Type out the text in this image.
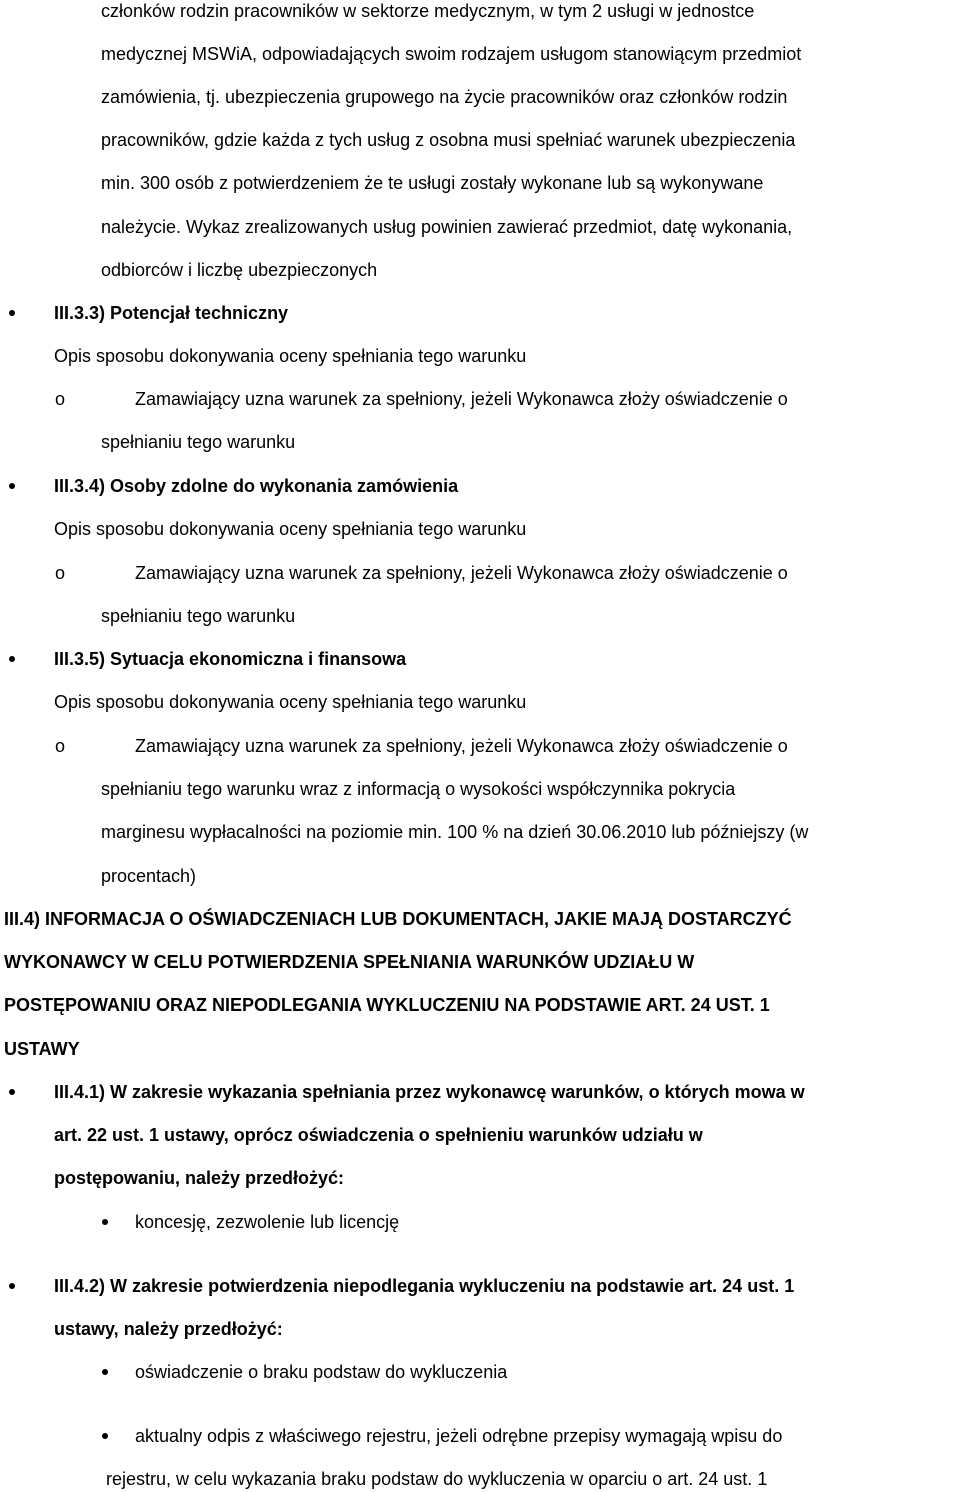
członków rodzin pracowników w sektorze medycznym, w tym 2 usługi w jednostce
medycznej MSWiA, odpowiadających swoim rodzajem usługom stanowiącym przedmiot
zamówienia, tj. ubezpieczenia grupowego na życie pracowników oraz członków rodzin
pracowników, gdzie każda z tych usług z osobna musi spełniać warunek ubezpieczenia
min. 300 osób z potwierdzeniem że te usługi zostały wykonane lub są wykonywane
należycie. Wykaz zrealizowanych usług powinien zawierać przedmiot, datę wykonania,
odbiorców i liczbę ubezpieczonych
III.3.3) Potencjał techniczny
Opis sposobu dokonywania oceny spełniania tego warunku
o	Zamawiający uzna warunek za spełniony, jeżeli Wykonawca złoży oświadczenie o
spełnianiu tego warunku
III.3.4) Osoby zdolne do wykonania zamówienia
Opis sposobu dokonywania oceny spełniania tego warunku
o	Zamawiający uzna warunek za spełniony, jeżeli Wykonawca złoży oświadczenie o
spełnianiu tego warunku
III.3.5) Sytuacja ekonomiczna i finansowa
Opis sposobu dokonywania oceny spełniania tego warunku
o	Zamawiający uzna warunek za spełniony, jeżeli Wykonawca złoży oświadczenie o
spełnianiu tego warunku wraz z informacją o wysokości współczynnika pokrycia
marginesu wypłacalności na poziomie min. 100 % na dzień 30.06.2010 lub późniejszy (w
procentach)
III.4) INFORMACJA O OŚWIADCZENIACH LUB DOKUMENTACH, JAKIE MAJĄ DOSTARCZYĆ
WYKONAWCY W CELU POTWIERDZENIA SPEŁNIANIA WARUNKÓW UDZIAŁU W
POSTĘPOWANIU ORAZ NIEPODLEGANIA WYKLUCZENIU NA PODSTAWIE ART. 24 UST. 1
USTAWY
III.4.1) W zakresie wykazania spełniania przez wykonawcę warunków, o których mowa w
art. 22 ust. 1 ustawy, oprócz oświadczenia o spełnieniu warunków udziału w
postępowaniu, należy przedłożyć:
koncesję, zezwolenie lub licencję
III.4.2) W zakresie potwierdzenia niepodlegania wykluczeniu na podstawie art. 24 ust. 1
ustawy, należy przedłożyć:
oświadczenie o braku podstaw do wykluczenia
aktualny odpis z właściwego rejestru, jeżeli odrębne przepisy wymagają wpisu do
rejestru, w celu wykazania braku podstaw do wykluczenia w oparciu o art. 24 ust. 1
